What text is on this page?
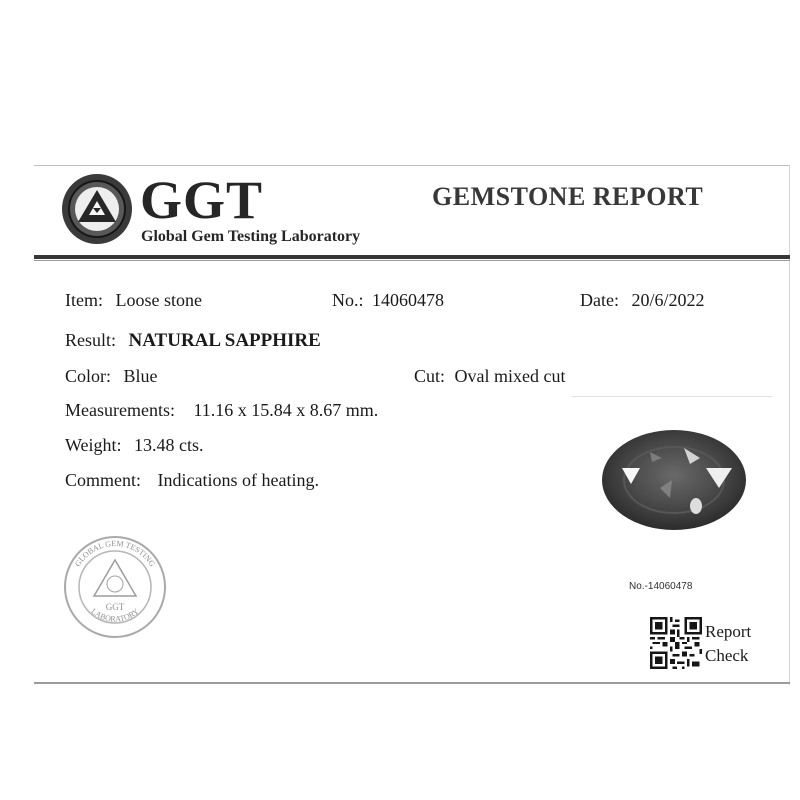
GGT
Global Gem Testing Laboratory
GEMSTONE REPORT
Item: Loose stone	No.: 14060478	Date: 20/6/2022
Result: NATURAL SAPPHIRE
Color: Blue	Cut: Oval mixed cut
Measurements: 11.16 x 15.84 x 8.67 mm.
Weight: 13.48 cts.
Comment: Indications of heating.
GLOBAL GEM TESTING
GGT
LABORATORY
No.-14060478
Report
Check
